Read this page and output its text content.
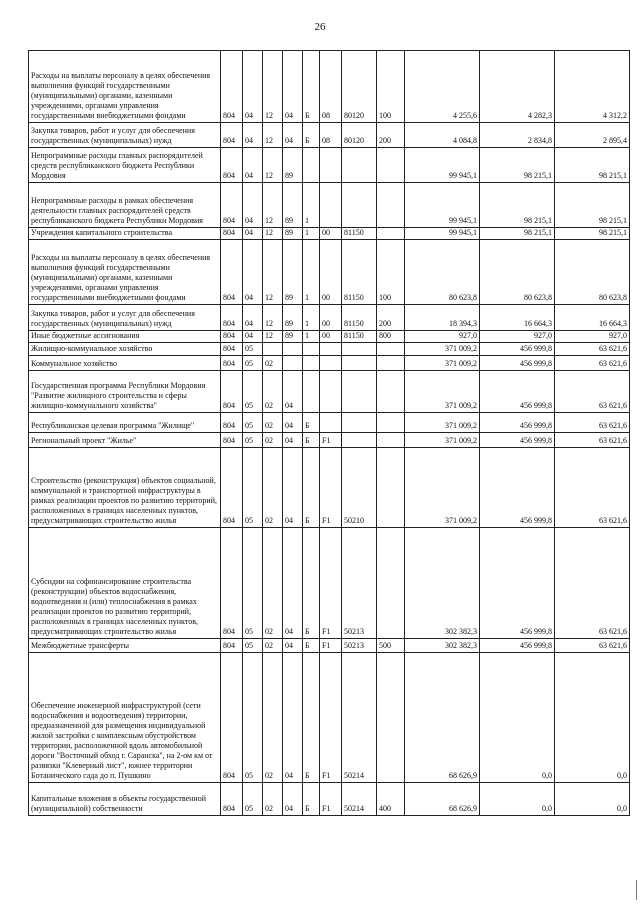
26
Расходы на выплаты персоналу в целях обеспечения выполнения функций государственными (муниципальными) органами, казенными учреждениями, органами управления государственными внебюджетными фондами	804	04	12	04	Б	08	80120	100	4 255,6	4 282,3	4 312,2
Закупка товаров, работ и услуг для обеспечения государственных (муниципальных) нужд	804	04	12	04	Б	08	80120	200	4 084,8	2 834,8	2 895,4
Непрограммные расходы главных распорядителей средств республиканского бюджета Республики Мордовия	804	04	12	89					99 945,1	98 215,1	98 215,1
Непрограммные расходы в рамках обеспечения деятельности главных распорядителей средств республиканского бюджета Республики Мордовия	804	04	12	89	1				99 945,1	98 215,1	98 215,1
Учреждения капитального строительства	804	04	12	89	1	00	81150		99 945,1	98 215,1	98 215,1
Расходы на выплаты персоналу в целях обеспечения выполнения функций государственными (муниципальными) органами, казенными учреждениями, органами управления государственными внебюджетными фондами	804	04	12	89	1	00	81150	100	80 623,8	80 623,8	80 623,8
Закупка товаров, работ и услуг для обеспечения государственных (муниципальных) нужд	804	04	12	89	1	00	81150	200	18 394,3	16 664,3	16 664,3
Иные бюджетные ассигнования	804	04	12	89	1	00	81150	800	927,0	927,0	927,0
Жилищно-коммунальное хозяйство	804	05							371 009,2	456 999,8	63 621,6
Коммунальное хозяйство	804	05	02						371 009,2	456 999,8	63 621,6
Государственная программа Республики Мордовия "Развитие жилищного строительства и сферы жилищно-коммунального хозяйства"	804	05	02	04					371 009,2	456 999,8	63 621,6
Республиканская целевая программа "Жилище"	804	05	02	04	Б				371 009,2	456 999,8	63 621,6
Региональный проект "Жилье"	804	05	02	04	Б	F1			371 009,2	456 999,8	63 621,6
Строительство (реконструкция) объектов социальной, коммунальной и транспортной инфраструктуры в рамках реализации проектов по развитию территорий, расположенных в границах населенных пунктов, предусматривающих строительство жилья	804	05	02	04	Б	F1	50210		371 009,2	456 999,8	63 621,6
Субсидии на софинансирование строительства (реконструкции) объектов водоснабжения, водоотведения и (или) теплоснабжения в рамках реализации проектов по развитию территорий, расположенных в границах населенных пунктов, предусматривающих строительство жилья	804	05	02	04	Б	F1	50213		302 382,3	456 999,8	63 621,6
Межбюджетные трансферты	804	05	02	04	Б	F1	50213	500	302 382,3	456 999,8	63 621,6
Обеспечение инженерной инфраструктурой (сети водоснабжения и водоотведения) территории, предназначенной для размещения индивидуальной жилой застройки с комплексным обустройством территории, расположенной вдоль автомобильной дороги "Восточный обход г. Саранска", на 2-ом км от развязки "Клеверный лист", южнее территории Ботанического сада до п. Пушкино	804	05	02	04	Б	F1	50214		68 626,9	0,0	0,0
Капитальные вложения в объекты государственной (муниципальной) собственности	804	05	02	04	Б	F1	50214	400	68 626,9	0,0	0,0
